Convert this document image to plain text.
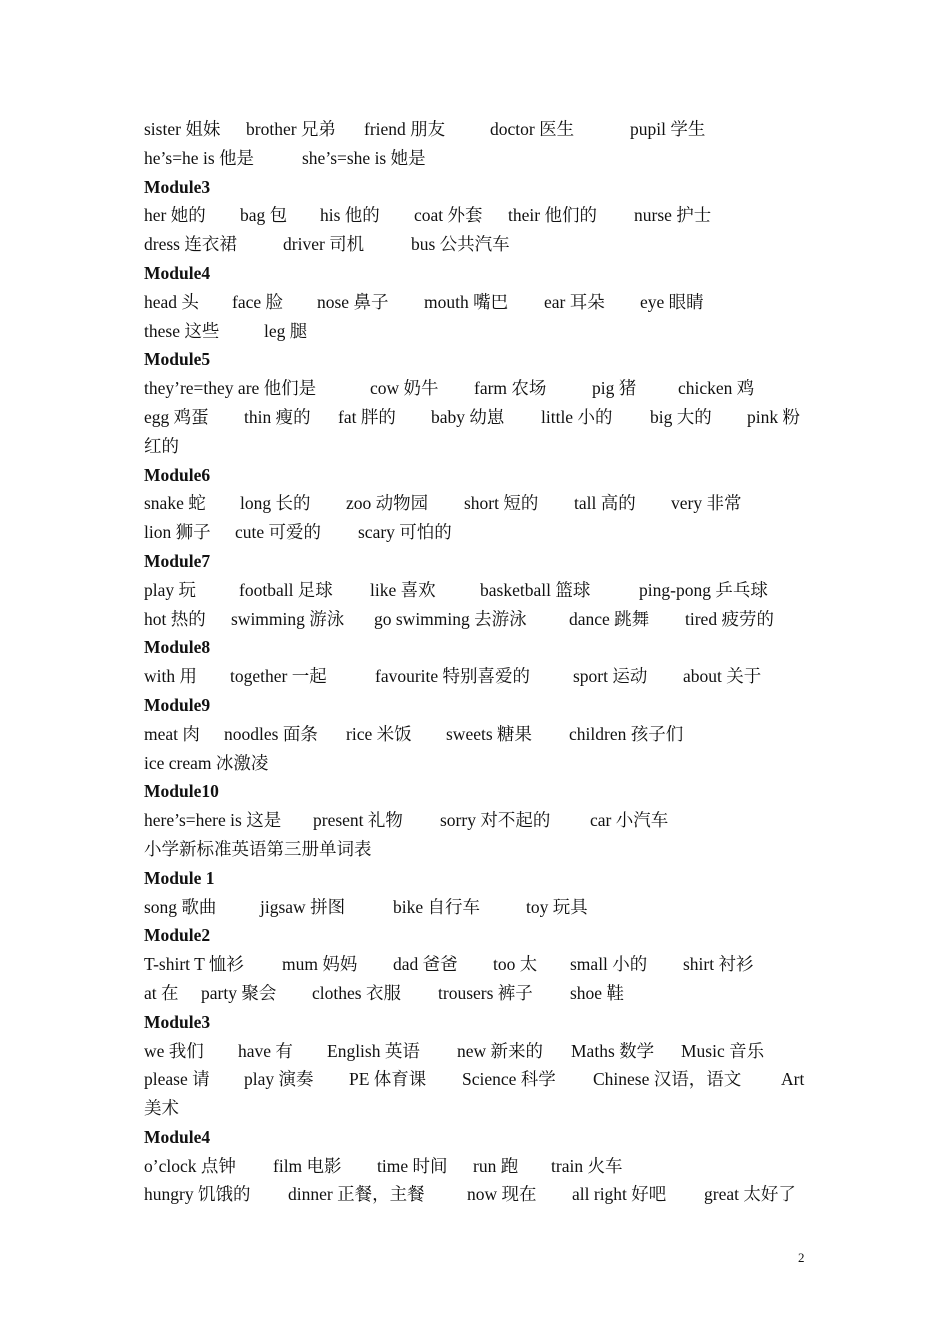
sister 姐妹 brother 兄弟 friend 朋友	doctor 医生	pupil 学生
he’s=he is 他是	she’s=she is 她是
Module3
her 她的 bag 包 his 他的 coat 外套 their 他们的 nurse 护士
dress 连衣裙	driver 司机	bus 公共汽车
Module4
head 头 face 脸 nose 鼻子 mouth 嘴巴 ear 耳朵 eye 眼睛
these 这些	leg 腿
Module5
they’re=they are 他们是	cow 奶牛 farm 农场	pig 猪 chicken 鸡
egg 鸡蛋 thin 瘦的 fat 胖的 baby 幼崽 little 小的 big 大的 pink 粉
红的
Module6
snake 蛇 long 长的 zoo 动物园 short 短的 tall 高的 very 非常
lion 狮子 cute 可爱的 scary 可怕的
Module7
play 玩 football 足球 like 喜欢	basketball 篮球	ping-pong 乒乓球
hot 热的 swimming 游泳 go swimming 去游泳 dance 跳舞 tired 疲劳的
Module8
with 用 together 一起	favourite 特别喜爱的 sport 运动 about 关于
Module9
meat 肉 noodles 面条 rice 米饭 sweets 糖果 children 孩子们
ice cream 冰激凌
Module10
here’s=here is 这是 present 礼物 sorry 对不起的 car 小汽车
小学新标准英语第三册单词表
Module 1
song 歌曲 jigsaw 拼图	bike 自行车	toy 玩具
Module2
T-shirt T 恤衫 mum 妈妈 dad 爸爸 too 太 small 小的 shirt 衬衫
at 在 party 聚会 clothes 衣服 trousers 裤子 shoe 鞋
Module3
we 我们 have 有 English 英语 new 新来的 Maths 数学 Music 音乐
please 请 play 演奏 PE 体育课 Science 科学 Chinese 汉语，语文 Art
美术
Module4
o’clock 点钟 film 电影 time 时间 run 跑 train 火车
hungry 饥饿的 dinner 正餐，主餐 now 现在 all right 好吧 great 太好了
2
